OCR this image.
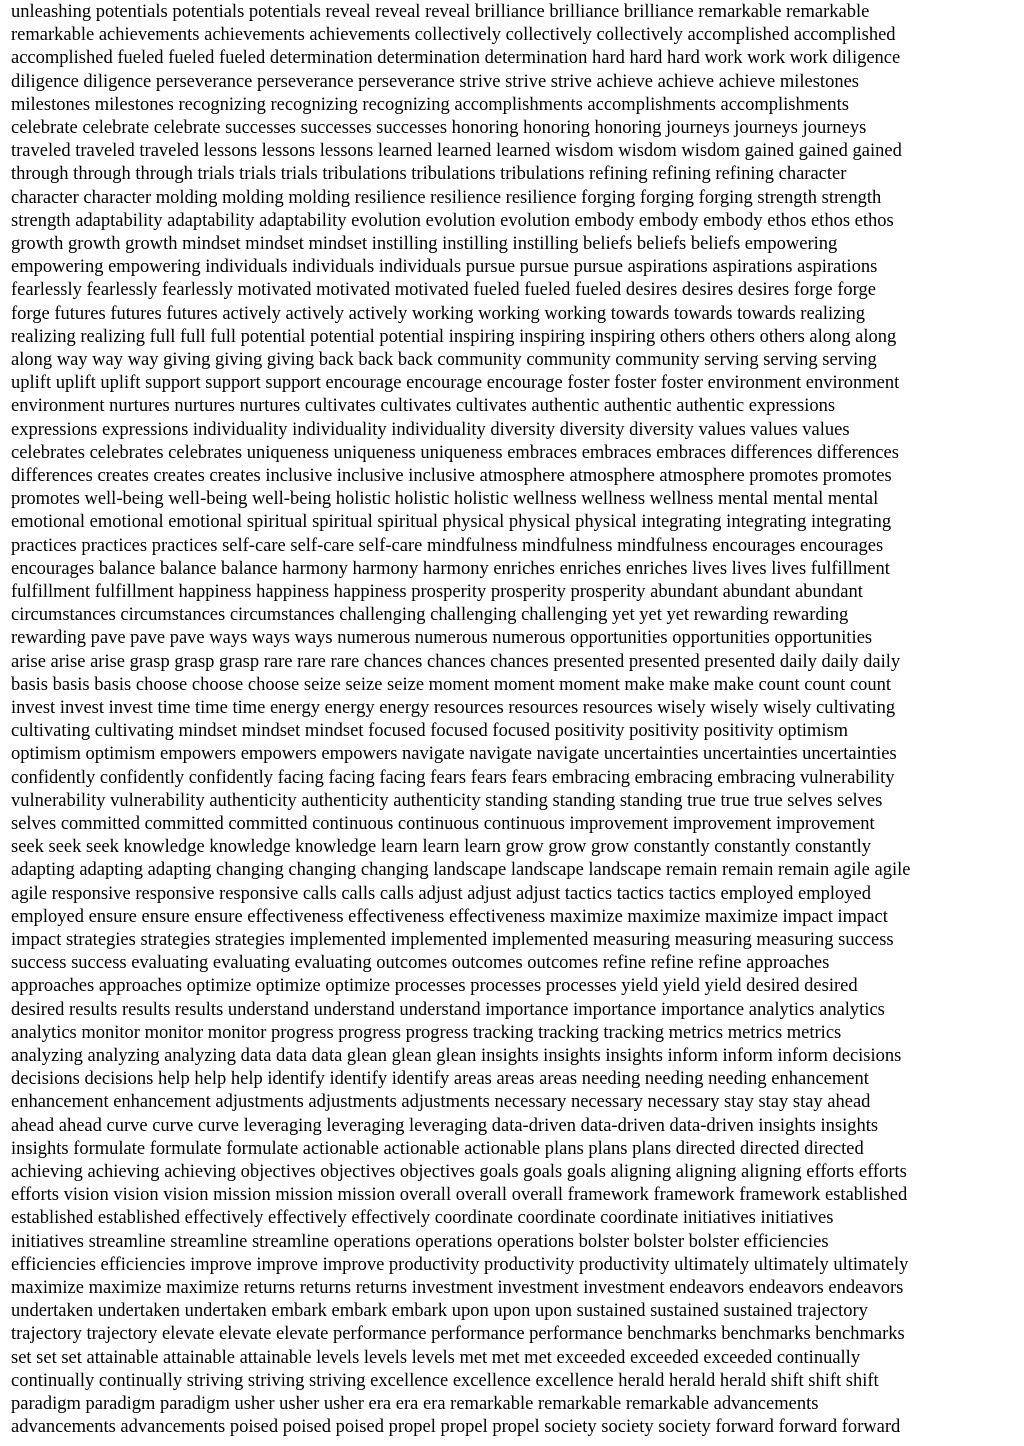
unleashing potentials potentials potentials reveal reveal reveal brilliance brilliance brilliance remarkable remarkable
remarkable achievements achievements achievements collectively collectively collectively accomplished accomplished
accomplished fueled fueled fueled determination determination determination hard hard hard work work work diligence
diligence diligence perseverance perseverance perseverance strive strive strive achieve achieve achieve milestones
milestones milestones recognizing recognizing recognizing accomplishments accomplishments accomplishments
celebrate celebrate celebrate successes successes successes honoring honoring honoring journeys journeys journeys
traveled traveled traveled lessons lessons lessons learned learned learned wisdom wisdom wisdom gained gained gained
through through through trials trials trials tribulations tribulations tribulations refining refining refining character
character character molding molding molding resilience resilience resilience forging forging forging strength strength
strength adaptability adaptability adaptability evolution evolution evolution embody embody embody ethos ethos ethos
growth growth growth mindset mindset mindset instilling instilling instilling beliefs beliefs beliefs empowering
empowering empowering individuals individuals individuals pursue pursue pursue aspirations aspirations aspirations
fearlessly fearlessly fearlessly motivated motivated motivated fueled fueled fueled desires desires desires forge forge
forge futures futures futures actively actively actively working working working towards towards towards realizing
realizing realizing full full full potential potential potential inspiring inspiring inspiring others others others along along
along way way way giving giving giving back back back community community community serving serving serving
uplift uplift uplift support support support encourage encourage encourage foster foster foster environment environment
environment nurtures nurtures nurtures cultivates cultivates cultivates authentic authentic authentic expressions
expressions expressions individuality individuality individuality diversity diversity diversity values values values
celebrates celebrates celebrates uniqueness uniqueness uniqueness embraces embraces embraces differences differences
differences creates creates creates inclusive inclusive inclusive atmosphere atmosphere atmosphere promotes promotes
promotes well-being well-being well-being holistic holistic holistic wellness wellness wellness mental mental mental
emotional emotional emotional spiritual spiritual spiritual physical physical physical integrating integrating integrating
practices practices practices self-care self-care self-care mindfulness mindfulness mindfulness encourages encourages
encourages balance balance balance harmony harmony harmony enriches enriches enriches lives lives lives fulfillment
fulfillment fulfillment happiness happiness happiness prosperity prosperity prosperity abundant abundant abundant
circumstances circumstances circumstances challenging challenging challenging yet yet yet rewarding rewarding
rewarding pave pave pave ways ways ways numerous numerous numerous opportunities opportunities opportunities
arise arise arise grasp grasp grasp rare rare rare chances chances chances presented presented presented daily daily daily
basis basis basis choose choose choose seize seize seize moment moment moment make make make count count count
invest invest invest time time time energy energy energy resources resources resources wisely wisely wisely cultivating
cultivating cultivating mindset mindset mindset focused focused focused positivity positivity positivity optimism
optimism optimism empowers empowers empowers navigate navigate navigate uncertainties uncertainties uncertainties
confidently confidently confidently facing facing facing fears fears fears embracing embracing embracing vulnerability
vulnerability vulnerability authenticity authenticity authenticity standing standing standing true true true selves selves
selves committed committed committed continuous continuous continuous improvement improvement improvement
seek seek seek knowledge knowledge knowledge learn learn learn grow grow grow constantly constantly constantly
adapting adapting adapting changing changing changing landscape landscape landscape remain remain remain agile agile
agile responsive responsive responsive calls calls calls adjust adjust adjust tactics tactics tactics employed employed
employed ensure ensure ensure effectiveness effectiveness effectiveness maximize maximize maximize impact impact
impact strategies strategies strategies implemented implemented implemented measuring measuring measuring success
success success evaluating evaluating evaluating outcomes outcomes outcomes refine refine refine approaches
approaches approaches optimize optimize optimize processes processes processes yield yield yield desired desired
desired results results results understand understand understand importance importance importance analytics analytics
analytics monitor monitor monitor progress progress progress tracking tracking tracking metrics metrics metrics
analyzing analyzing analyzing data data data glean glean glean insights insights insights inform inform inform decisions
decisions decisions help help help identify identify identify areas areas areas needing needing needing enhancement
enhancement enhancement adjustments adjustments adjustments necessary necessary necessary stay stay stay ahead
ahead ahead curve curve curve leveraging leveraging leveraging data-driven data-driven data-driven insights insights
insights formulate formulate formulate actionable actionable actionable plans plans plans directed directed directed
achieving achieving achieving objectives objectives objectives goals goals goals aligning aligning aligning efforts efforts
efforts vision vision vision mission mission mission overall overall overall framework framework framework established
established established effectively effectively effectively coordinate coordinate coordinate initiatives initiatives
initiatives streamline streamline streamline operations operations operations bolster bolster bolster efficiencies
efficiencies efficiencies improve improve improve productivity productivity productivity ultimately ultimately ultimately
maximize maximize maximize returns returns returns investment investment investment endeavors endeavors endeavors
undertaken undertaken undertaken embark embark embark upon upon upon sustained sustained sustained trajectory
trajectory trajectory elevate elevate elevate performance performance performance benchmarks benchmarks benchmarks
set set set attainable attainable attainable levels levels levels met met met exceeded exceeded exceeded continually
continually continually striving striving striving excellence excellence excellence herald herald herald shift shift shift
paradigm paradigm paradigm usher usher usher era era era remarkable remarkable remarkable advancements
advancements advancements poised poised poised propel propel propel society society society forward forward forward
